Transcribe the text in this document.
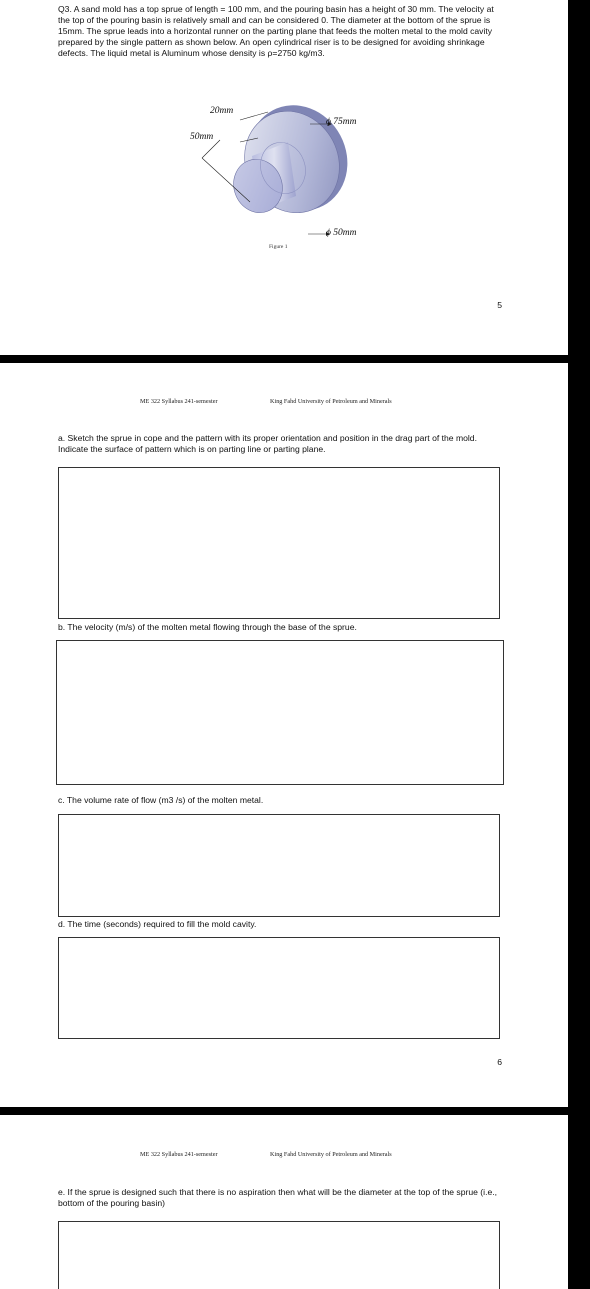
Q3. A sand mold has a top sprue of length = 100 mm, and the pouring basin has a height of 30 mm. The velocity at the top of the pouring basin is relatively small and can be considered 0. The diameter at the bottom of the sprue is 15mm. The sprue leads into a horizontal runner on the parting plane that feeds the molten metal to the mold cavity prepared by the single pattern as shown below. An open cylindrical riser is to be designed for avoiding shrinkage defects. The liquid metal is Aluminum whose density is ρ=2750 kg/m3.

20mm
50mm
ϕ 75mm
ϕ 50mm
Figure 1
5
ME 322 Syllabus 241-semester	King Fahd University of Petroleum and Minerals

a. Sketch the sprue in cope and the pattern with its proper orientation and position in the drag part of the mold. Indicate the surface of pattern which is on parting line or parting plane.

b. The velocity (m/s) of the molten metal flowing through the base of the sprue.

c. The volume rate of flow (m3 /s) of the molten metal.

d. The time (seconds) required to fill the mold cavity.

6
ME 322 Syllabus 241-semester	King Fahd University of Petroleum and Minerals

e. If the sprue is designed such that there is no aspiration then what will be the diameter at the top of the sprue (i.e., bottom of the pouring basin)
